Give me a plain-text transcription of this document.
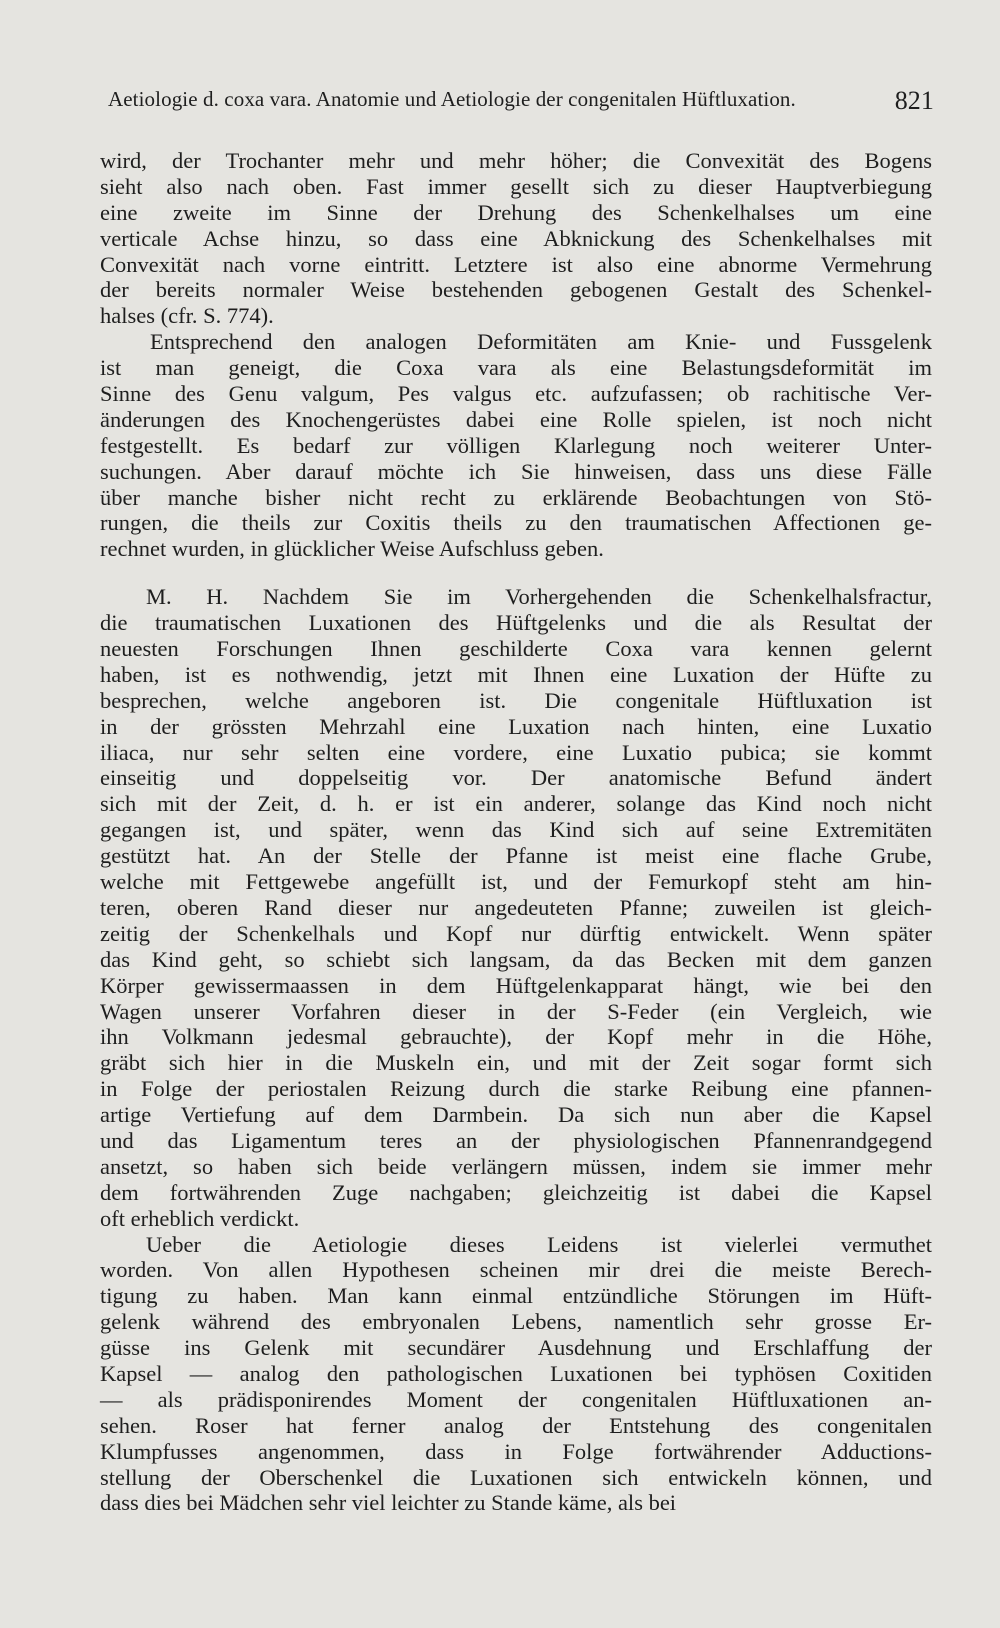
Aetiologie d. coxa vara. Anatomie und Aetiologie der congenitalen Hüftluxation.	821
wird, der Trochanter mehr und mehr höher; die Convexität des Bogens
sieht also nach oben. Fast immer gesellt sich zu dieser Hauptverbiegung
eine zweite im Sinne der Drehung des Schenkelhalses um eine
verticale Achse hinzu, so dass eine Abknickung des Schenkelhalses mit
Convexität nach vorne eintritt. Letztere ist also eine abnorme Vermehrung
der bereits normaler Weise bestehenden gebogenen Gestalt des Schenkel-
halses (cfr. S. 774).
Entsprechend den analogen Deformitäten am Knie- und Fussgelenk
ist man geneigt, die Coxa vara als eine Belastungsdeformität im
Sinne des Genu valgum, Pes valgus etc. aufzufassen; ob rachitische Ver-
änderungen des Knochengerüstes dabei eine Rolle spielen, ist noch nicht
festgestellt. Es bedarf zur völligen Klarlegung noch weiterer Unter-
suchungen. Aber darauf möchte ich Sie hinweisen, dass uns diese Fälle
über manche bisher nicht recht zu erklärende Beobachtungen von Stö-
rungen, die theils zur Coxitis theils zu den traumatischen Affectionen ge-
rechnet wurden, in glücklicher Weise Aufschluss geben.
M. H. Nachdem Sie im Vorhergehenden die Schenkelhalsfractur,
die traumatischen Luxationen des Hüftgelenks und die als Resultat der
neuesten Forschungen Ihnen geschilderte Coxa vara kennen gelernt
haben, ist es nothwendig, jetzt mit Ihnen eine Luxation der Hüfte zu
besprechen, welche angeboren ist. Die congenitale Hüftluxation ist
in der grössten Mehrzahl eine Luxation nach hinten, eine Luxatio
iliaca, nur sehr selten eine vordere, eine Luxatio pubica; sie kommt
einseitig und doppelseitig vor. Der anatomische Befund ändert
sich mit der Zeit, d. h. er ist ein anderer, solange das Kind noch nicht
gegangen ist, und später, wenn das Kind sich auf seine Extremitäten
gestützt hat. An der Stelle der Pfanne ist meist eine flache Grube,
welche mit Fettgewebe angefüllt ist, und der Femurkopf steht am hin-
teren, oberen Rand dieser nur angedeuteten Pfanne; zuweilen ist gleich-
zeitig der Schenkelhals und Kopf nur dürftig entwickelt. Wenn später
das Kind geht, so schiebt sich langsam, da das Becken mit dem ganzen
Körper gewissermaassen in dem Hüftgelenkapparat hängt, wie bei den
Wagen unserer Vorfahren dieser in der S-Feder (ein Vergleich, wie
ihn Volkmann jedesmal gebrauchte), der Kopf mehr in die Höhe,
gräbt sich hier in die Muskeln ein, und mit der Zeit sogar formt sich
in Folge der periostalen Reizung durch die starke Reibung eine pfannen-
artige Vertiefung auf dem Darmbein. Da sich nun aber die Kapsel
und das Ligamentum teres an der physiologischen Pfannenrandgegend
ansetzt, so haben sich beide verlängern müssen, indem sie immer mehr
dem fortwährenden Zuge nachgaben; gleichzeitig ist dabei die Kapsel
oft erheblich verdickt.
Ueber die Aetiologie dieses Leidens ist vielerlei vermuthet
worden. Von allen Hypothesen scheinen mir drei die meiste Berech-
tigung zu haben. Man kann einmal entzündliche Störungen im Hüft-
gelenk während des embryonalen Lebens, namentlich sehr grosse Er-
güsse ins Gelenk mit secundärer Ausdehnung und Erschlaffung der
Kapsel — analog den pathologischen Luxationen bei typhösen Coxitiden
— als prädisponirendes Moment der congenitalen Hüftluxationen an-
sehen. Roser hat ferner analog der Entstehung des congenitalen
Klumpfusses angenommen, dass in Folge fortwährender Adductions-
stellung der Oberschenkel die Luxationen sich entwickeln können, und
dass dies bei Mädchen sehr viel leichter zu Stande käme, als bei
